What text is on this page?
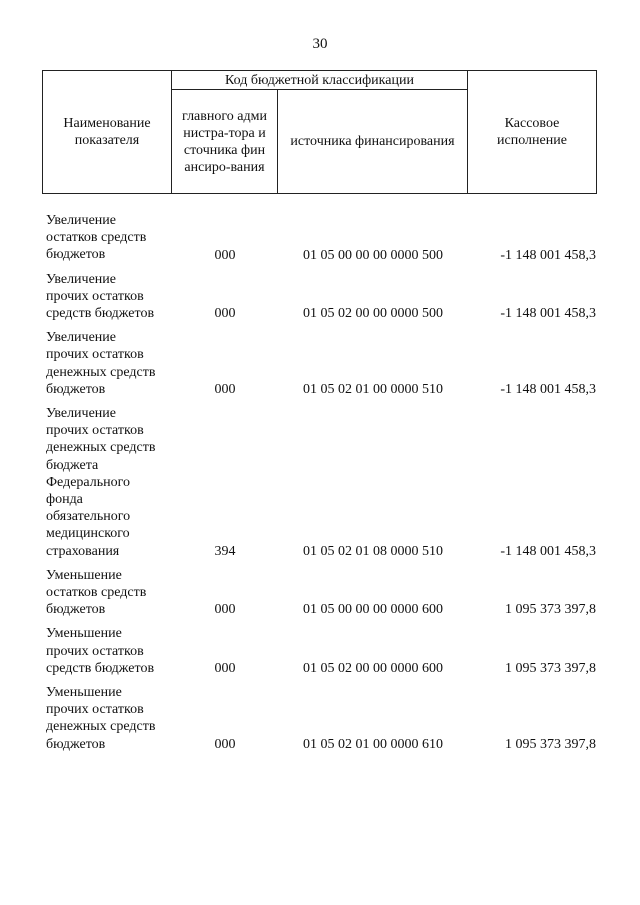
30
Наименование показателя
Код бюджетной классификации
главного администра-тора источника финансиро-вания
источника финансирования
Кассовое исполнение
Увеличение
остатков средств
бюджетов	000	01 05 00 00 00 0000 500	-1 148 001 458,3
Увеличение
прочих остатков
средств бюджетов	000	01 05 02 00 00 0000 500	-1 148 001 458,3
Увеличение
прочих остатков
денежных средств
бюджетов	000	01 05 02 01 00 0000 510	-1 148 001 458,3
Увеличение
прочих остатков
денежных средств
бюджета
Федерального
фонда
обязательного
медицинского
страхования	394	01 05 02 01 08 0000 510	-1 148 001 458,3
Уменьшение
остатков средств
бюджетов	000	01 05 00 00 00 0000 600	1 095 373 397,8
Уменьшение
прочих остатков
средств бюджетов	000	01 05 02 00 00 0000 600	1 095 373 397,8
Уменьшение
прочих остатков
денежных средств
бюджетов	000	01 05 02 01 00 0000 610	1 095 373 397,8
